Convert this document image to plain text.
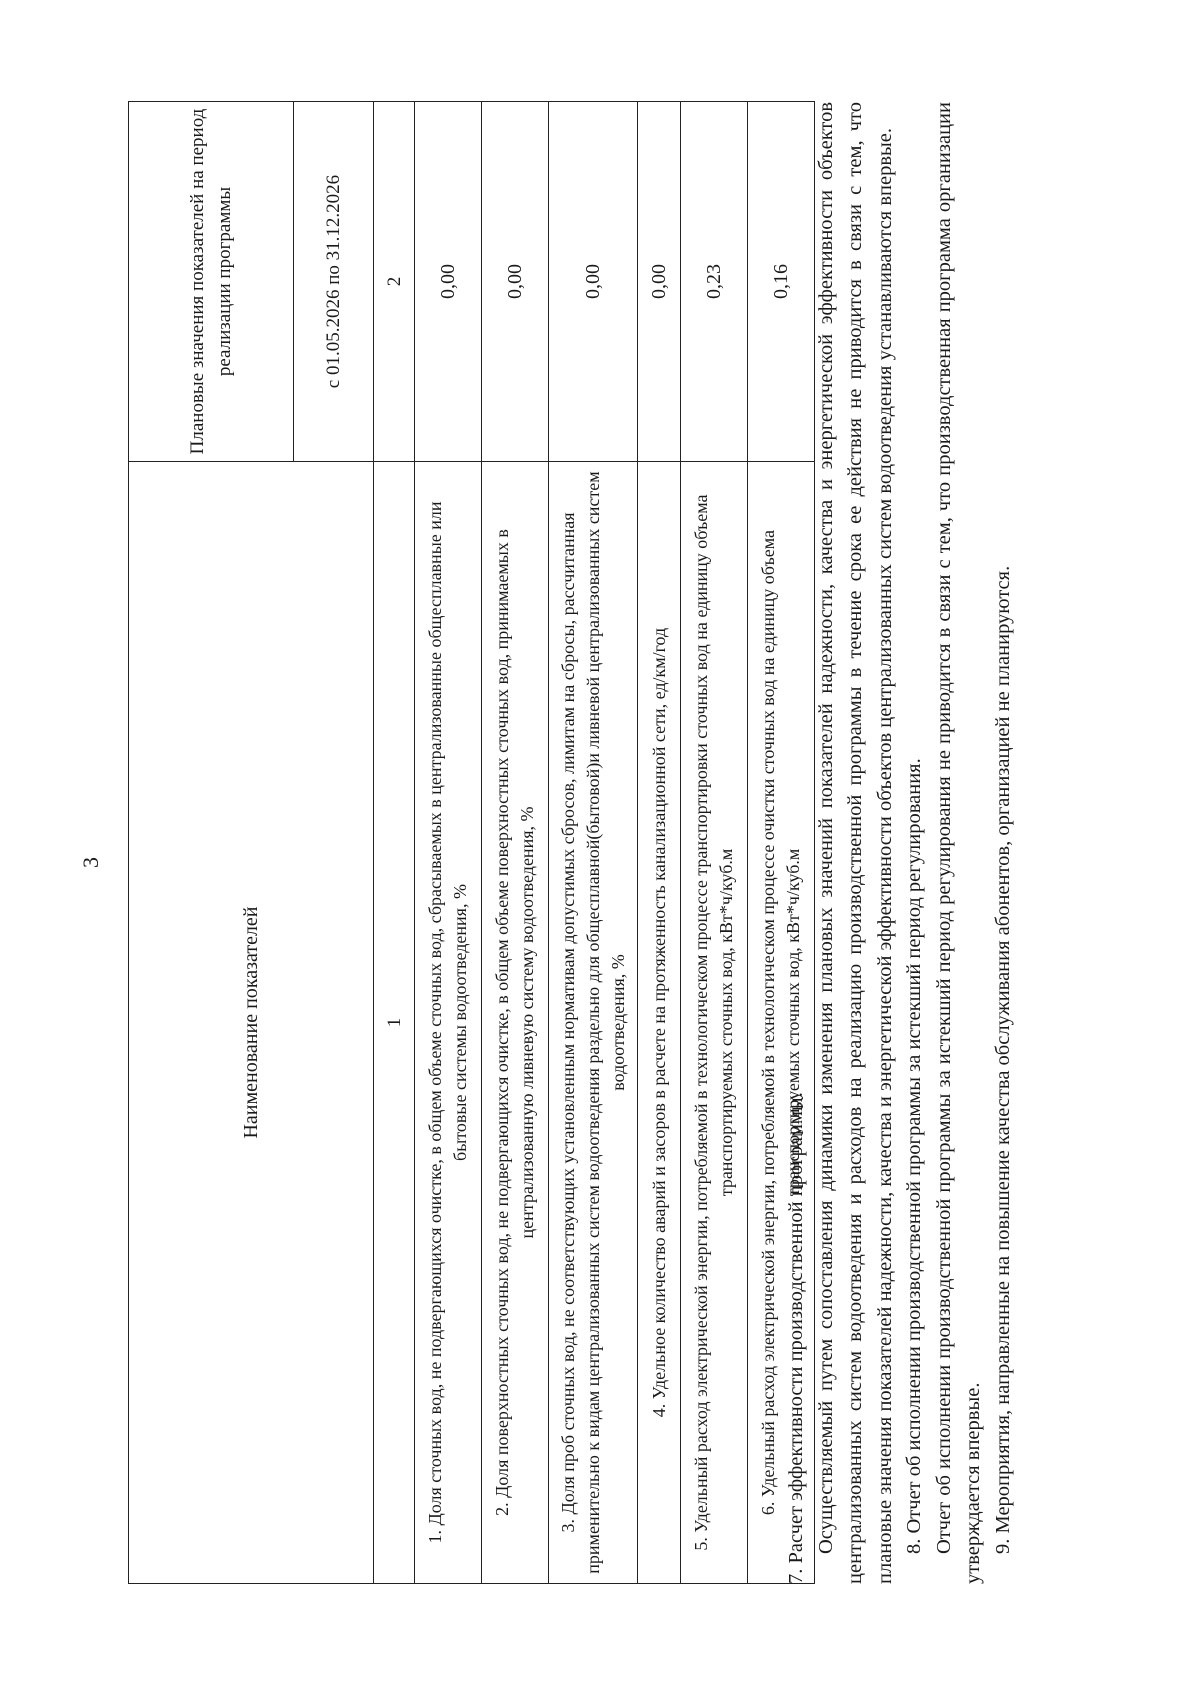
3
Наименование показателей	Плановые значения показателей на период реализации программы
	с 01.05.2026 по 31.12.2026
1	2
1. Доля сточных вод, не подвергающихся очистке, в общем объеме сточных вод, сбрасываемых в централизованные общесплавные или бытовые системы водоотведения, %	0,00
2. Доля поверхностных сточных вод, не подвергающихся очистке, в общем объеме поверхностных сточных вод, принимаемых в централизованную ливневую систему водоотведения, %	0,00
3. Доля проб сточных вод, не соответствующих установленным нормативам допустимых сбросов, лимитам на сбросы, рассчитанная применительно к видам централизованных систем водоотведения раздельно для общесплавной(бытовой)и ливневой централизованных систем водоотведения, %	0,00
4. Удельное количество аварий и засоров в расчете на протяженность канализационной сети, ед/км/год	0,00
5. Удельный расход электрической энергии, потребляемой в технологическом процессе транспортировки сточных вод на единицу объема транспортируемых сточных вод, кВт*ч/куб.м	0,23
6. Удельный расход электрической энергии, потребляемой в технологическом процессе очистки сточных вод на единицу объема транспортируемых сточных вод, кВт*ч/куб.м	0,16

7. Расчет эффективности производственной программы. Осуществляемый путем сопоставления динамики изменения плановых значений показателей надежности, качества и энергетической эффективности объектов централизованных систем водоотведения и расходов на реализацию производственной программы в течение срока ее действия не приводится в связи с тем, что плановые значения показателей надежности, качества и энергетической эффективности объектов централизованных систем водоотведения устанавливаются впервые. 8. Отчет об исполнении производственной программы за истекший период регулирования. Отчет об исполнении производственной программы за истекший период регулирования не приводится в связи с тем, что производственная программа организации утверждается впервые. 9. Мероприятия, направленные на повышение качества обслуживания абонентов, организацией не планируются.
